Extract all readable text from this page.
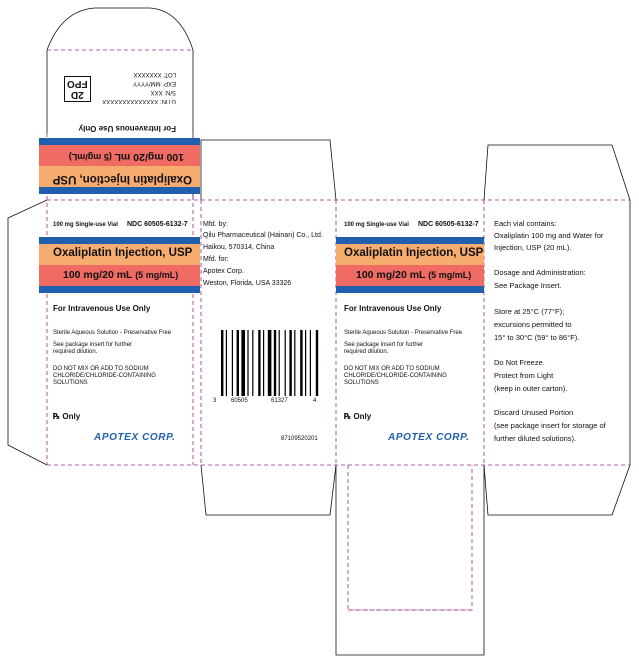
2D
FPO
GTIN: XXXXXXXXXXXXXX
S/N: XXX
EXP: MM/YYYY
LOT: XXXXXXX
Oxaliplatin Injection, USP
100 mg/20 mL (5 mg/mL)
For Intravenous Use Only
100 mg Single-use Vial NDC 60505-6132-7
Oxaliplatin Injection, USP
100 mg/20 mL (5 mg/mL)
For Intravenous Use Only
Sterile Aqueous Solution - Preservative Free
See package insert for further
required dilution.
DO NOT MIX OR ADD TO SODIUM
CHLORIDE/CHLORIDE-CONTAINING
SOLUTIONS
℞ Only
APOTEX CORP.
Mfd. by:
Qilu Pharmaceutical (Hainan) Co., Ltd.
Haikou, 570314, China
Mfd. for:
Apotex Corp.
Weston, Florida, USA 33326
3 60505	61327	4
87109520201
100 mg Single-use Vial NDC 60505-6132-7
Oxaliplatin Injection, USP
100 mg/20 mL (5 mg/mL)
For Intravenous Use Only
Sterile Aqueous Solution - Preservative Free
See package insert for further
required dilution.
DO NOT MIX OR ADD TO SODIUM
CHLORIDE/CHLORIDE-CONTAINING
SOLUTIONS
℞ Only
APOTEX CORP.
Each vial contains:
Oxaliplatin 100 mg and Water for
Injection, USP (20 mL).
Dosage and Administration:
See Package Insert.
Store at 25°C (77°F);
excursions permitted to
15° to 30°C (59° to 86°F).
Do Not Freeze.
Protect from Light
(keep in outer carton).
Discard Unused Portion
(see package insert for storage of
further diluted solutions).
